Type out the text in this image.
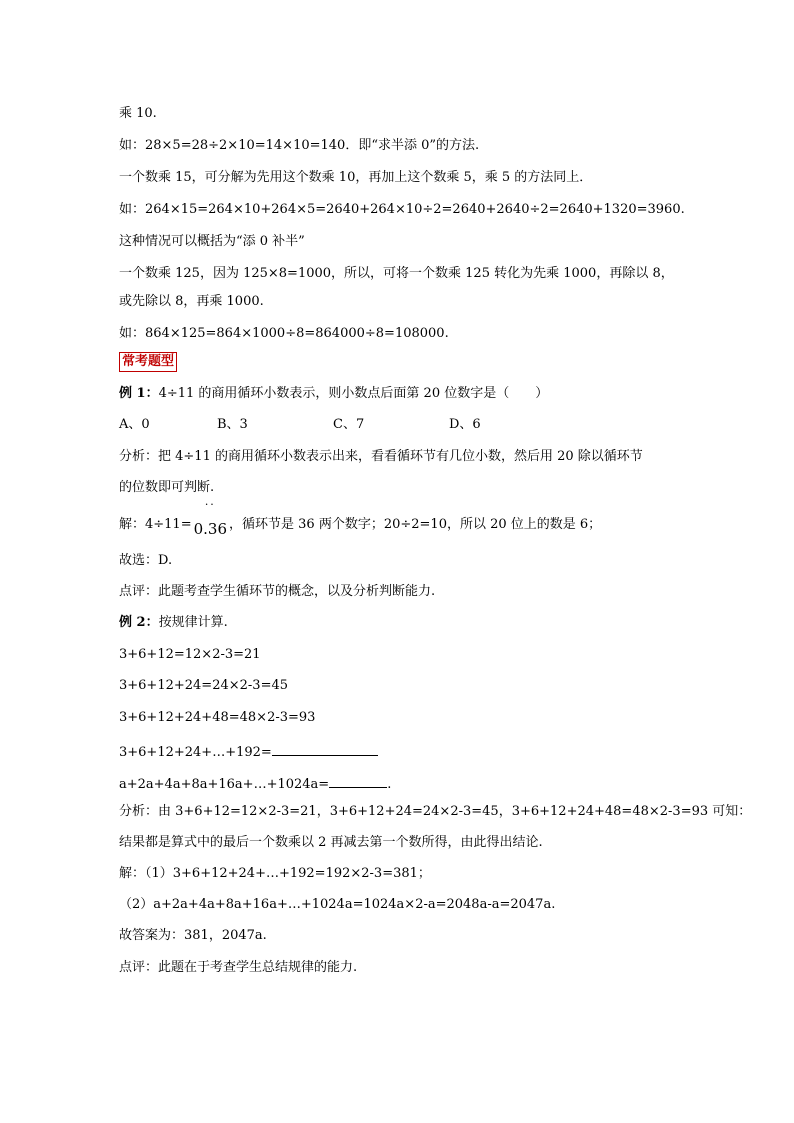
乘 10.
如：28×5=28÷2×10=14×10=140．即“求半添 0”的方法.
一个数乘 15，可分解为先用这个数乘 10，再加上这个数乘 5，乘 5 的方法同上．
如：264×15=264×10+264×5=2640+264×10÷2=2640+2640÷2=2640+1320=3960.
这种情况可以概括为“添 0 补半”
一个数乘 125，因为 125×8=1000，所以，可将一个数乘 125 转化为先乘 1000，再除以 8，
或先除以 8，再乘 1000.
如：864×125=864×1000÷8=864000÷8=108000.
常考题型
例 1：4÷11 的商用循环小数表示，则小数点后面第 20 位数字是（　　）
A、0	B、3	C、7	D、6
分析：把 4÷11 的商用循环小数表示出来，看看循环节有几位小数，然后用 20 除以循环节
的位数即可判断.
解：4÷11=
··
0.36 ，循环节是 36 两个数字；20÷2=10，所以 20 位上的数是 6；
故选：D.
点评：此题考查学生循环节的概念，以及分析判断能力.
例 2：按规律计算.
3+6+12=12×2-3=21
3+6+12+24=24×2-3=45
3+6+12+24+48=48×2-3=93
3+6+12+24+…+192=
a+2a+4a+8a+16a+…+1024a=	.
分析：由 3+6+12=12×2-3=21，3+6+12+24=24×2-3=45，3+6+12+24+48=48×2-3=93 可知：
结果都是算式中的最后一个数乘以 2 再减去第一个数所得，由此得出结论.
解：（1）3+6+12+24+…+192=192×2-3=381；
（2）a+2a+4a+8a+16a+…+1024a=1024a×2-a=2048a-a=2047a.
故答案为：381，2047a.
点评：此题在于考查学生总结规律的能力.
